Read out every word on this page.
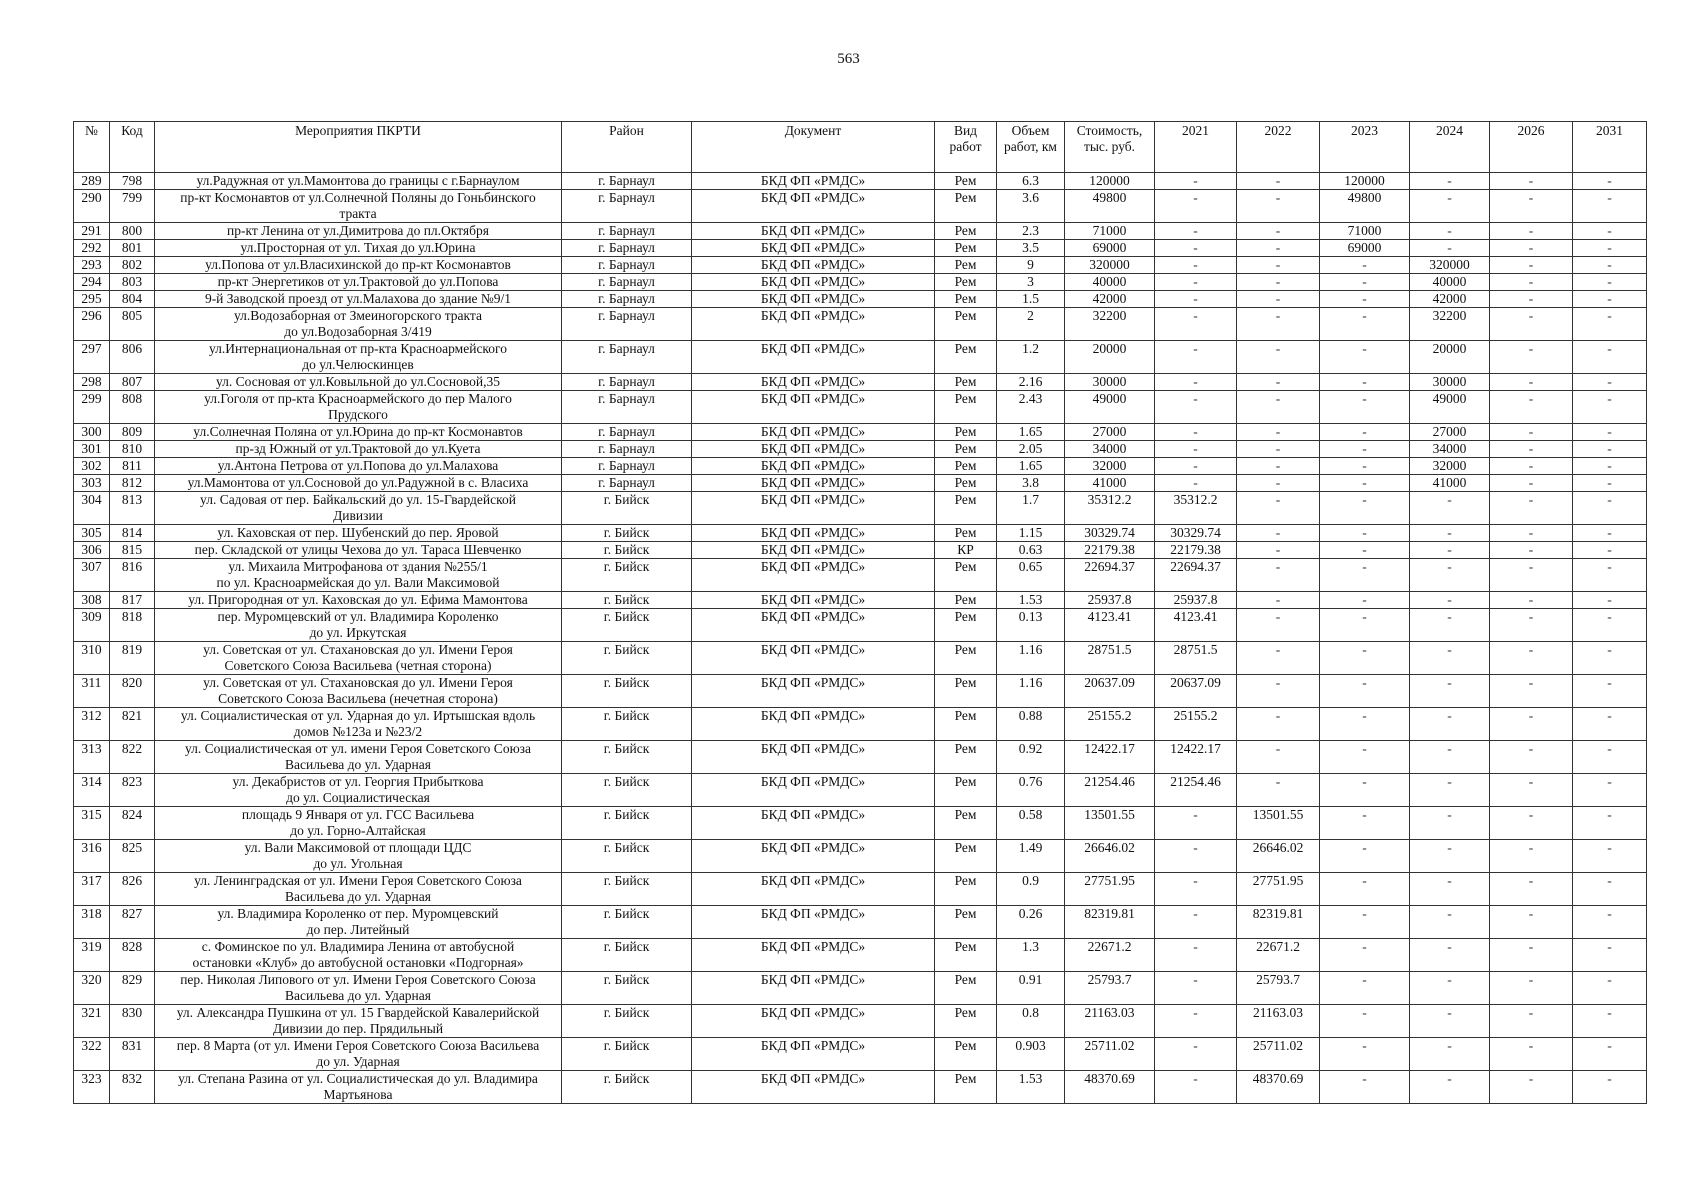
563
№	Код	Мероприятия ПКРТИ	Район	Документ	Вид работ	Объем работ, км	Стоимость, тыс. руб.	2021	2022	2023	2024	2026	2031
289	798	ул.Радужная от ул.Мамонтова до границы с г.Барнаулом	г. Барнаул	БКД ФП «РМДС»	Рем	6.3	120000	-	-	120000	-	-	-
290	799	пр-кт Космонавтов от ул.Солнечной Поляны до Гоньбинского
тракта	г. Барнаул	БКД ФП «РМДС»	Рем	3.6	49800	-	-	49800	-	-	-
291	800	пр-кт Ленина от ул.Димитрова до пл.Октября	г. Барнаул	БКД ФП «РМДС»	Рем	2.3	71000	-	-	71000	-	-	-
292	801	ул.Просторная от ул. Тихая до ул.Юрина	г. Барнаул	БКД ФП «РМДС»	Рем	3.5	69000	-	-	69000	-	-	-
293	802	ул.Попова от ул.Власихинской до пр-кт Космонавтов	г. Барнаул	БКД ФП «РМДС»	Рем	9	320000	-	-	-	320000	-	-
294	803	пр-кт Энергетиков от ул.Трактовой до ул.Попова	г. Барнаул	БКД ФП «РМДС»	Рем	3	40000	-	-	-	40000	-	-
295	804	9-й Заводской проезд от ул.Малахова до здание №9/1	г. Барнаул	БКД ФП «РМДС»	Рем	1.5	42000	-	-	-	42000	-	-
296	805	ул.Водозаборная от Змеиногорского тракта
до ул.Водозаборная 3/419	г. Барнаул	БКД ФП «РМДС»	Рем	2	32200	-	-	-	32200	-	-
297	806	ул.Интернациональная от пр-кта Красноармейского
до ул.Челюскинцев	г. Барнаул	БКД ФП «РМДС»	Рем	1.2	20000	-	-	-	20000	-	-
298	807	ул. Сосновая от ул.Ковыльной до ул.Сосновой,35	г. Барнаул	БКД ФП «РМДС»	Рем	2.16	30000	-	-	-	30000	-	-
299	808	ул.Гоголя от пр-кта Красноармейского до пер Малого
Прудского	г. Барнаул	БКД ФП «РМДС»	Рем	2.43	49000	-	-	-	49000	-	-
300	809	ул.Солнечная Поляна от ул.Юрина до пр-кт Космонавтов	г. Барнаул	БКД ФП «РМДС»	Рем	1.65	27000	-	-	-	27000	-	-
301	810	пр-зд Южный от ул.Трактовой до ул.Куета	г. Барнаул	БКД ФП «РМДС»	Рем	2.05	34000	-	-	-	34000	-	-
302	811	ул.Антона Петрова от ул.Попова до ул.Малахова	г. Барнаул	БКД ФП «РМДС»	Рем	1.65	32000	-	-	-	32000	-	-
303	812	ул.Мамонтова от ул.Сосновой до ул.Радужной в с. Власиха	г. Барнаул	БКД ФП «РМДС»	Рем	3.8	41000	-	-	-	41000	-	-
304	813	ул. Садовая от пер. Байкальский до ул. 15-Гвардейской
Дивизии	г. Бийск	БКД ФП «РМДС»	Рем	1.7	35312.2	35312.2	-	-	-	-	-
305	814	ул. Каховская от пер. Шубенский до пер. Яровой	г. Бийск	БКД ФП «РМДС»	Рем	1.15	30329.74	30329.74	-	-	-	-	-
306	815	пер. Складской от улицы Чехова до ул. Тараса Шевченко	г. Бийск	БКД ФП «РМДС»	КР	0.63	22179.38	22179.38	-	-	-	-	-
307	816	ул. Михаила Митрофанова от здания №255/1
по ул. Красноармейская до ул. Вали Максимовой	г. Бийск	БКД ФП «РМДС»	Рем	0.65	22694.37	22694.37	-	-	-	-	-
308	817	ул. Пригородная от ул. Каховская до ул. Ефима Мамонтова	г. Бийск	БКД ФП «РМДС»	Рем	1.53	25937.8	25937.8	-	-	-	-	-
309	818	пер. Муромцевский от ул. Владимира Короленко
до ул. Иркутская	г. Бийск	БКД ФП «РМДС»	Рем	0.13	4123.41	4123.41	-	-	-	-	-
310	819	ул. Советская от ул. Стахановская до ул. Имени Героя
Советского Союза Васильева (четная сторона)	г. Бийск	БКД ФП «РМДС»	Рем	1.16	28751.5	28751.5	-	-	-	-	-
311	820	ул. Советская от ул. Стахановская до ул. Имени Героя
Советского Союза Васильева (нечетная сторона)	г. Бийск	БКД ФП «РМДС»	Рем	1.16	20637.09	20637.09	-	-	-	-	-
312	821	ул. Социалистическая от ул. Ударная до ул. Иртышская вдоль
домов №123а и №23/2	г. Бийск	БКД ФП «РМДС»	Рем	0.88	25155.2	25155.2	-	-	-	-	-
313	822	ул. Социалистическая от ул. имени Героя Советского Союза
Васильева до ул. Ударная	г. Бийск	БКД ФП «РМДС»	Рем	0.92	12422.17	12422.17	-	-	-	-	-
314	823	ул. Декабристов от ул. Георгия Прибыткова
до ул. Социалистическая	г. Бийск	БКД ФП «РМДС»	Рем	0.76	21254.46	21254.46	-	-	-	-	-
315	824	площадь 9 Января от ул. ГСС Васильева
до ул. Горно-Алтайская	г. Бийск	БКД ФП «РМДС»	Рем	0.58	13501.55	-	13501.55	-	-	-	-
316	825	ул. Вали Максимовой от площади ЦДС
до ул. Угольная	г. Бийск	БКД ФП «РМДС»	Рем	1.49	26646.02	-	26646.02	-	-	-	-
317	826	ул. Ленинградская от ул. Имени Героя Советского Союза
Васильева до ул. Ударная	г. Бийск	БКД ФП «РМДС»	Рем	0.9	27751.95	-	27751.95	-	-	-	-
318	827	ул. Владимира Короленко от пер. Муромцевский
до пер. Литейный	г. Бийск	БКД ФП «РМДС»	Рем	0.26	82319.81	-	82319.81	-	-	-	-
319	828	с. Фоминское по ул. Владимира Ленина от автобусной
остановки «Клуб» до автобусной остановки «Подгорная»	г. Бийск	БКД ФП «РМДС»	Рем	1.3	22671.2	-	22671.2	-	-	-	-
320	829	пер. Николая Липового от ул. Имени Героя Советского Союза
Васильева до ул. Ударная	г. Бийск	БКД ФП «РМДС»	Рем	0.91	25793.7	-	25793.7	-	-	-	-
321	830	ул. Александра Пушкина от ул. 15 Гвардейской Кавалерийской
Дивизии до пер. Прядильный	г. Бийск	БКД ФП «РМДС»	Рем	0.8	21163.03	-	21163.03	-	-	-	-
322	831	пер. 8 Марта (от ул. Имени Героя Советского Союза Васильева
до ул. Ударная	г. Бийск	БКД ФП «РМДС»	Рем	0.903	25711.02	-	25711.02	-	-	-	-
323	832	ул. Степана Разина от ул. Социалистическая до ул. Владимира
Мартьянова	г. Бийск	БКД ФП «РМДС»	Рем	1.53	48370.69	-	48370.69	-	-	-	-
